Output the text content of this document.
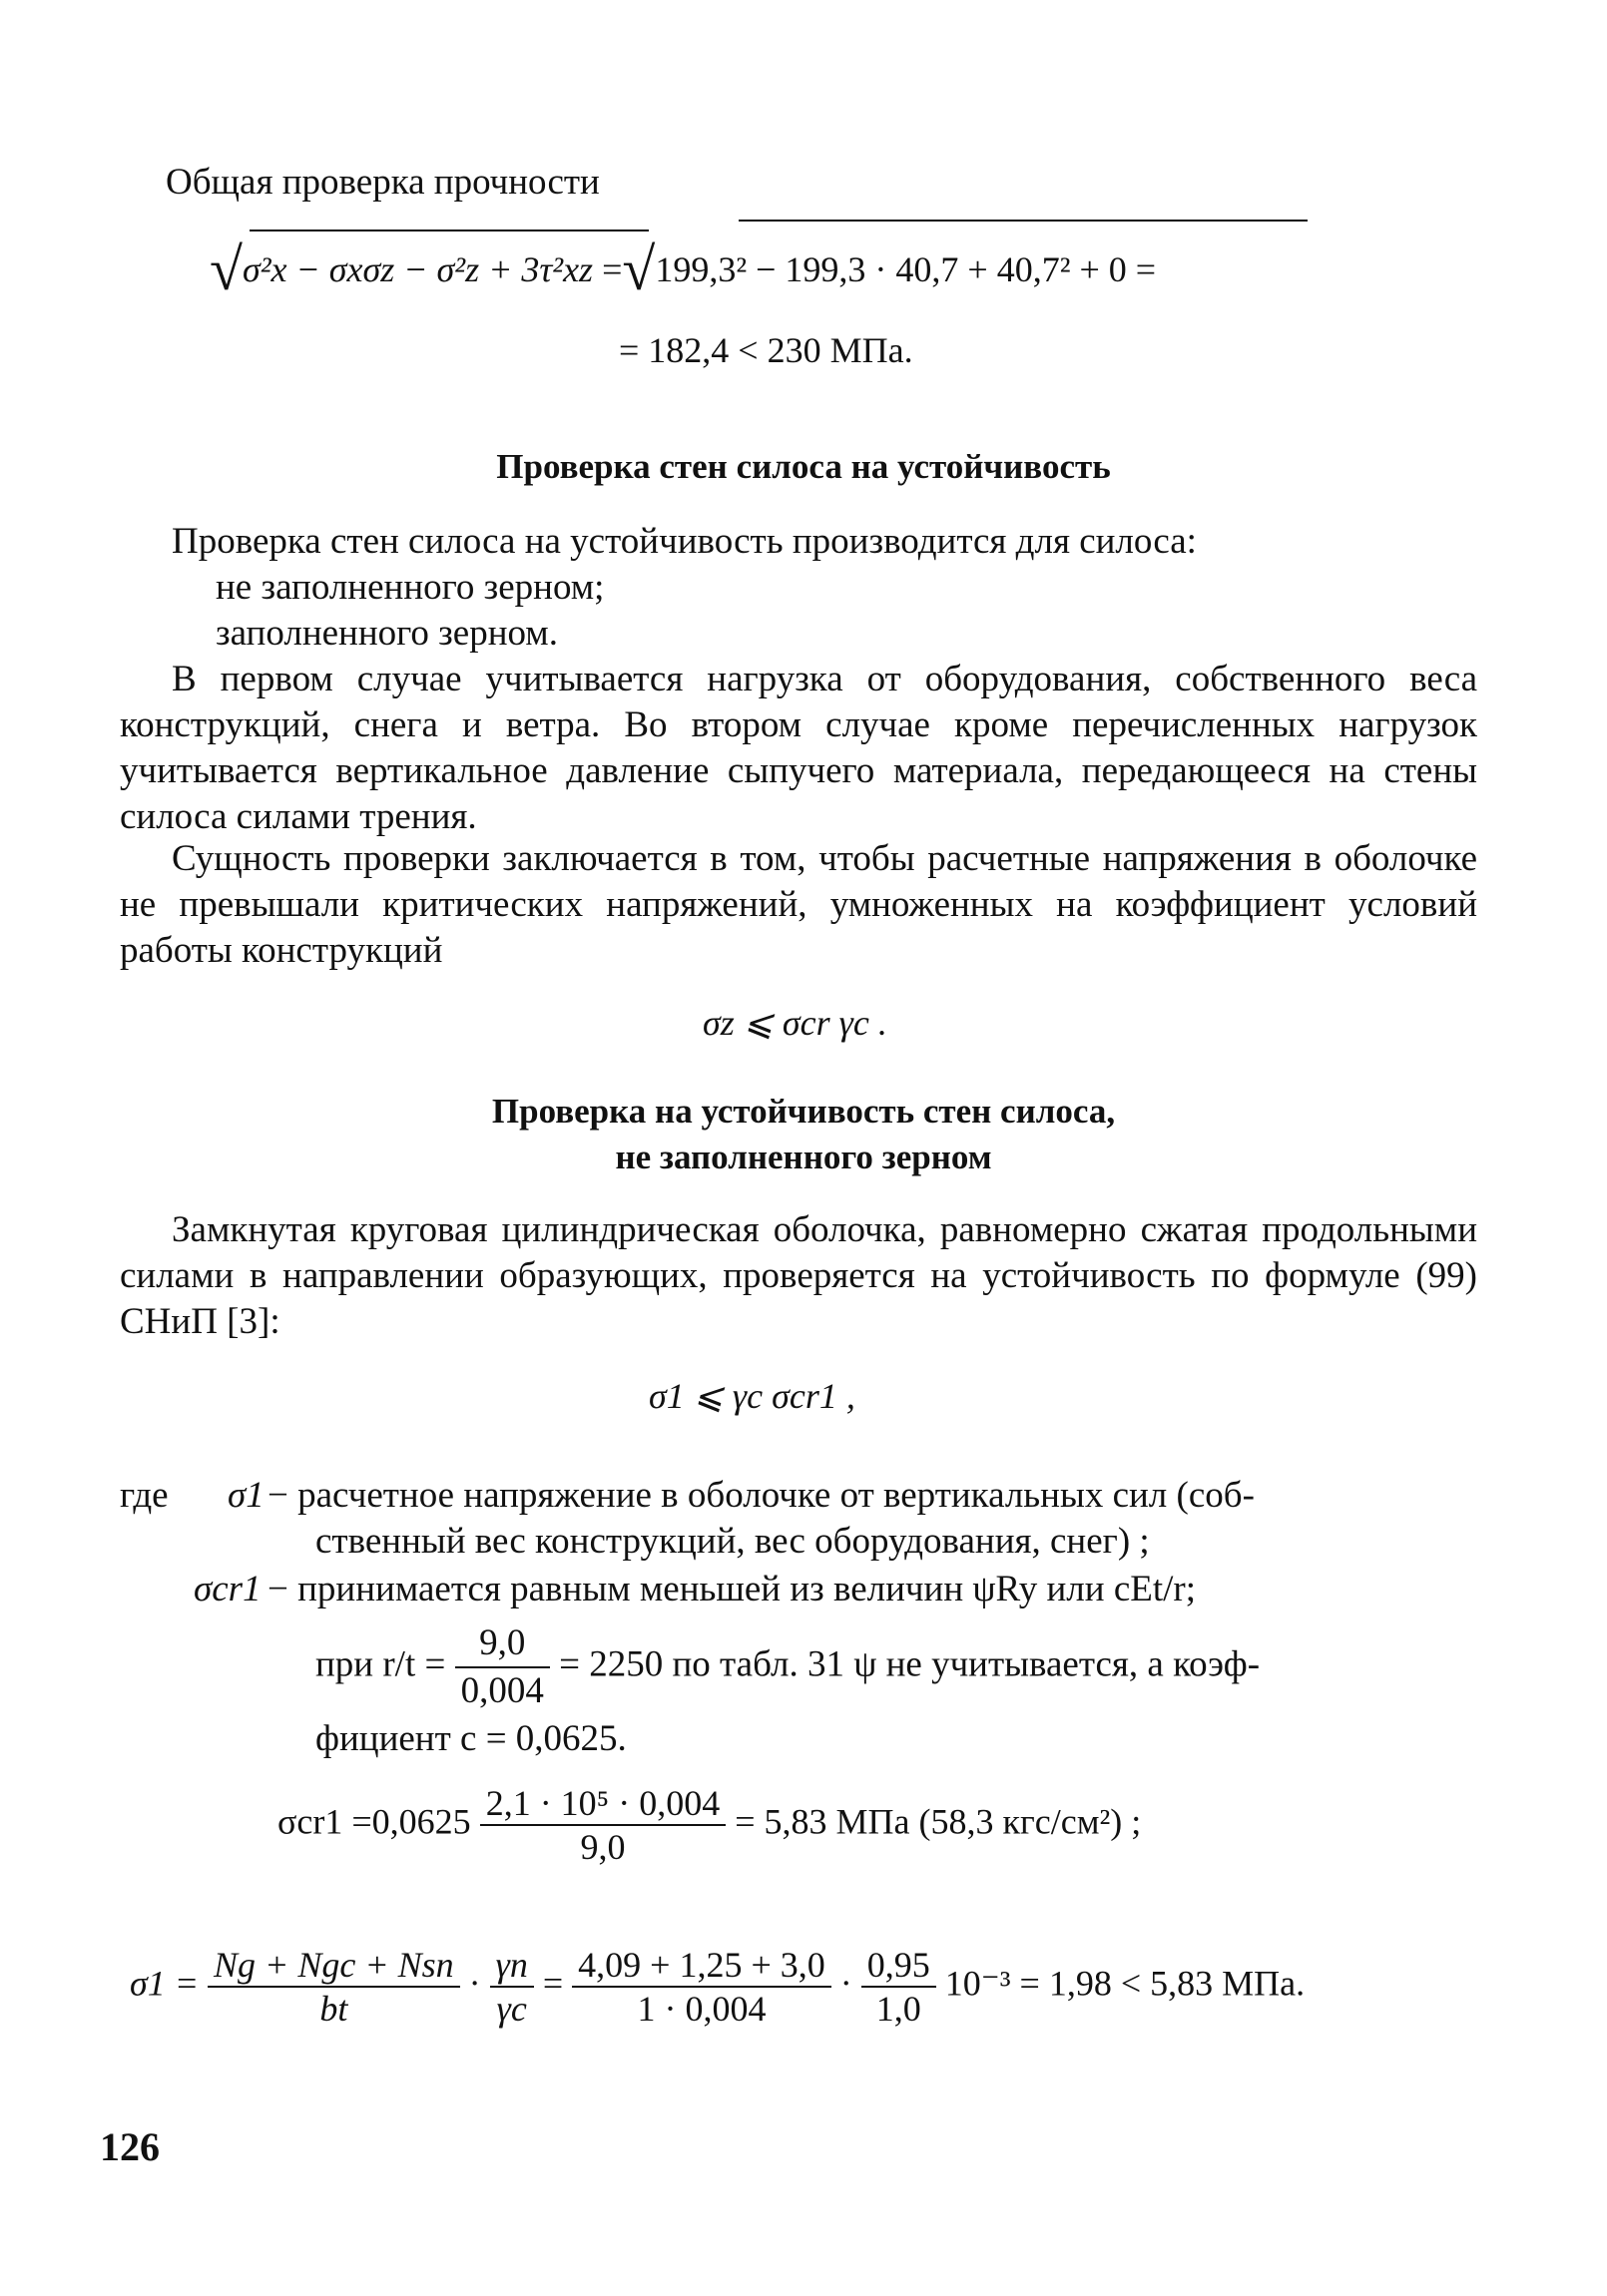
Общая проверка прочности
√σ²x − σxσz − σ²z + 3τ²xz =√199,3² − 199,3 · 40,7 + 40,7² + 0 =
= 182,4 < 230 МПа.
Проверка стен силоса на устойчивость
Проверка стен силоса на устойчивость производится для силоса:
не заполненного зерном;
заполненного зерном.
В первом случае учитывается нагрузка от оборудования, собственного веса конструкций, снега и ветра. Во втором случае кроме перечисленных нагрузок учитывается вертикальное давление сыпучего материала, передающееся на стены силоса силами трения.
Сущность проверки заключается в том, чтобы расчетные напряжения в оболочке не превышали критических напряжений, умноженных на коэффициент условий работы конструкций
σz ⩽ σcr γc .
Проверка на устойчивость стен силоса,
не заполненного зерном
Замкнутая круговая цилиндрическая оболочка, равномерно сжатая продольными силами в направлении образующих, проверяется на устойчивость по формуле (99) СНиП [3]:
σ1 ⩽ γc σcr1 ,
где σ1 − расчетное напряжение в оболочке от вертикальных сил (соб-
ственный вес конструкций, вес оборудования, снег) ;
σcr1 − принимается равным меньшей из величин ψRy или cEt/r;
при $r/t = \frac{9,0}{0,004} = 2250$ по табл. 31 ψ не учитывается, а коэф-
фициент c = 0,0625.
$\sigma cr1 =0,0625 \frac{\text{2,1 · 10⁵ · 0,004}}{9,0} = 5,83$ МПа (58,3 кгс/см²) ;
$\sigma 1 = \frac{\text{Ng + Ngc + Nsn}}{bt} \cdot \frac{\gamma n}{\gamma c} = \frac{4,09 + 1,25 + 3,0}{1 \cdot 0,004} \cdot \frac{0,95}{1,0} 10^{-3} = 1,98 < 5,83$ МПа.
126
